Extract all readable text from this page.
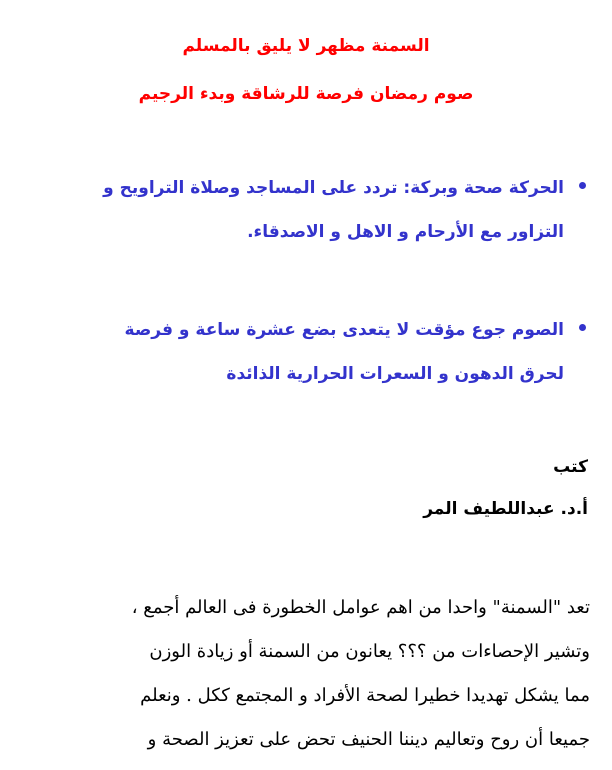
السمنة مظهر لا يليق بالمسلم
صوم رمضان فرصة للرشاقة وبدء الرجيم
الحركة صحة وبركة: تردد على المساجد وصلاة التراويح و
التزاور مع الأرحام و الاهل و الاصدقاء.
الصوم جوع مؤقت لا يتعدى بضع عشرة ساعة و فرصة
لحرق الدهون و السعرات الحرارية الذائدة
كتب
أ.د. عبداللطيف المر
تعد "السمنة" واحدا من اهم عوامل الخطورة فى العالم أجمع ،
وتشير الإحصاءات من ؟؟؟ يعانون من السمنة أو زيادة الوزن
مما يشكل تهديدا خطيرا لصحة الأفراد و المجتمع ككل . ونعلم
جميعا أن روح وتعاليم ديننا الحنيف تحض على تعزيز الصحة و
